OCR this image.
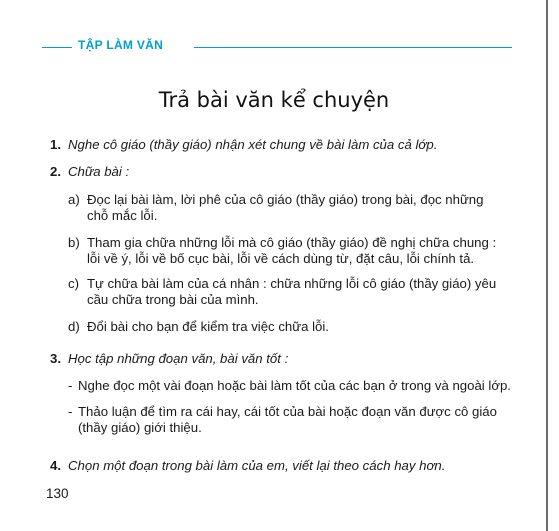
TẬP LÀM VĂN
Trả bài văn kể chuyện
1. Nghe cô giáo (thầy giáo) nhận xét chung về bài làm của cả lớp.
2. Chữa bài :
a) Đọc lại bài làm, lời phê của cô giáo (thầy giáo) trong bài, đọc những
chỗ mắc lỗi.
b) Tham gia chữa những lỗi mà cô giáo (thầy giáo) đề nghị chữa chung :
lỗi về ý, lỗi về bố cục bài, lỗi về cách dùng từ, đặt câu, lỗi chính tả.
c) Tự chữa bài làm của cá nhân : chữa những lỗi cô giáo (thầy giáo) yêu
cầu chữa trong bài của mình.
d) Đổi bài cho bạn để kiểm tra việc chữa lỗi.
3. Học tập những đoạn văn, bài văn tốt :
- Nghe đọc một vài đoạn hoặc bài làm tốt của các bạn ở trong và ngoài lớp.
- Thảo luận để tìm ra cái hay, cái tốt của bài hoặc đoạn văn được cô giáo
(thầy giáo) giới thiệu.
4. Chọn một đoạn trong bài làm của em, viết lại theo cách hay hơn.
130
